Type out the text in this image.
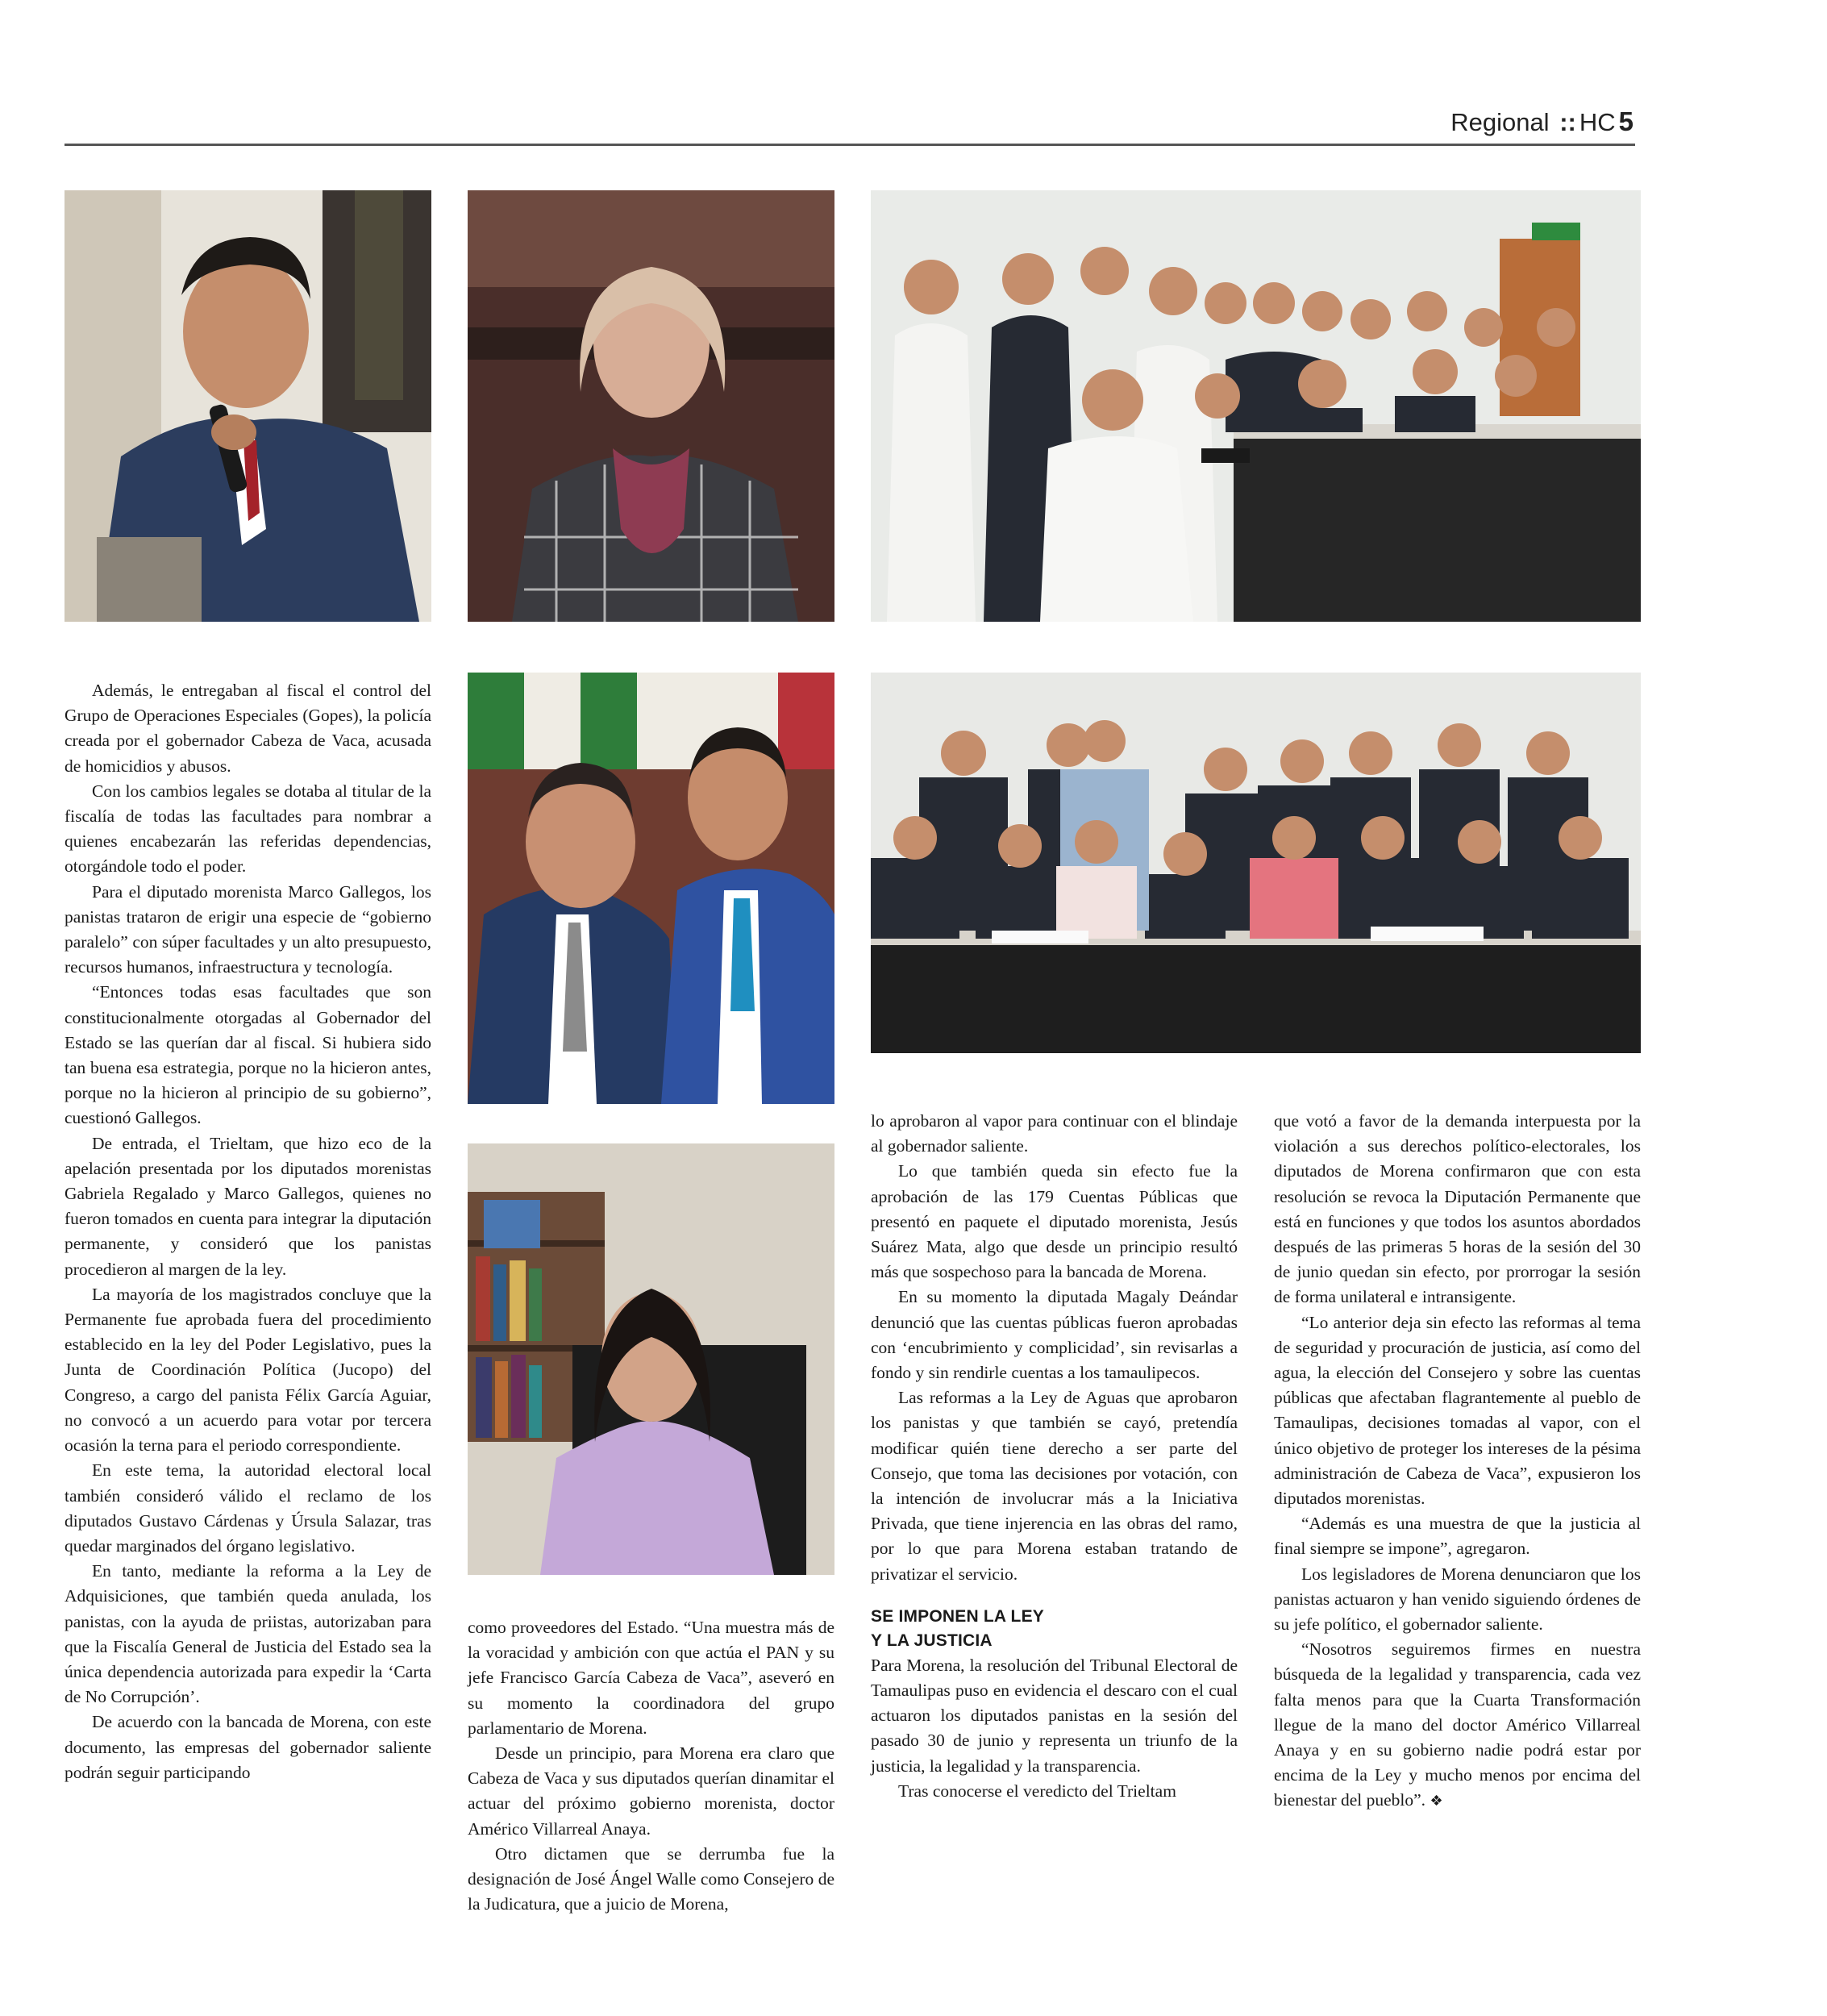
Regional :: HC 5

Además, le entregaban al fiscal el control del Grupo de Operaciones Especiales (Gopes), la policía creada por el gobernador Cabeza de Vaca, acusada de homicidios y abusos.

Con los cambios legales se dotaba al titular de la fiscalía de todas las facultades para nombrar a quienes encabezarán las referidas dependencias, otorgándole todo el poder.

Para el diputado morenista Marco Gallegos, los panistas trataron de erigir una especie de “gobierno paralelo” con súper facultades y un alto presupuesto, recursos humanos, infraestructura y tecnología.

“Entonces todas esas facultades que son constitucionalmente otorgadas al Gobernador del Estado se las querían dar al fiscal. Si hubiera sido tan buena esa estrategia, porque no la hicieron antes, porque no la hicieron al principio de su gobierno”, cuestionó Gallegos.

De entrada, el Trieltam, que hizo eco de la apelación presentada por los diputados morenistas Gabriela Regalado y Marco Gallegos, quienes no fueron tomados en cuenta para integrar la diputación permanente, y consideró que los panistas procedieron al margen de la ley.

La mayoría de los magistrados concluye que la Permanente fue aprobada fuera del procedimiento establecido en la ley del Poder Legislativo, pues la Junta de Coordinación Política (Jucopo) del Congreso, a cargo del panista Félix García Aguiar, no convocó a un acuerdo para votar por tercera ocasión la terna para el periodo correspondiente.

En este tema, la autoridad electoral local también consideró válido el reclamo de los diputados Gustavo Cárdenas y Úrsula Salazar, tras quedar marginados del órgano legislativo.

En tanto, mediante la reforma a la Ley de Adquisiciones, que también queda anulada, los panistas, con la ayuda de priistas, autorizaban para que la Fiscalía General de Justicia del Estado sea la única dependencia autorizada para expedir la ‘Carta de No Corrupción’.

De acuerdo con la bancada de Morena, con este documento, las empresas del gobernador saliente podrán seguir participando

como proveedores del Estado. “Una muestra más de la voracidad y ambición con que actúa el PAN y su jefe Francisco García Cabeza de Vaca”, aseveró en su momento la coordinadora del grupo parlamentario de Morena.

Desde un principio, para Morena era claro que Cabeza de Vaca y sus diputados querían dinamitar el actuar del próximo gobierno morenista, doctor Américo Villarreal Anaya.

Otro dictamen que se derrumba fue la designación de José Ángel Walle como Consejero de la Judicatura, que a juicio de Morena,

lo aprobaron al vapor para continuar con el blindaje al gobernador saliente.

Lo que también queda sin efecto fue la aprobación de las 179 Cuentas Públicas que presentó en paquete el diputado morenista, Jesús Suárez Mata, algo que desde un principio resultó más que sospechoso para la bancada de Morena.

En su momento la diputada Magaly Deándar denunció que las cuentas públicas fueron aprobadas con ‘encubrimiento y complicidad’, sin revisarlas a fondo y sin rendirle cuentas a los tamaulipecos.

Las reformas a la Ley de Aguas que aprobaron los panistas y que también se cayó, pretendía modificar quién tiene derecho a ser parte del Consejo, que toma las decisiones por votación, con la intención de involucrar más a la Iniciativa Privada, que tiene injerencia en las obras del ramo, por lo que para Morena estaban tratando de privatizar el servicio.

SE IMPONEN LA LEY
Y LA JUSTICIA

Para Morena, la resolución del Tribunal Electoral de Tamaulipas puso en evidencia el descaro con el cual actuaron los diputados panistas en la sesión del pasado 30 de junio y representa un triunfo de la justicia, la legalidad y la transparencia.

Tras conocerse el veredicto del Trieltam

que votó a favor de la demanda interpuesta por la violación a sus derechos político-electorales, los diputados de Morena confirmaron que con esta resolución se revoca la Diputación Permanente que está en funciones y que todos los asuntos abordados después de las primeras 5 horas de la sesión del 30 de junio quedan sin efecto, por prorrogar la sesión de forma unilateral e intransigente.

“Lo anterior deja sin efecto las reformas al tema de seguridad y procuración de justicia, así como del agua, la elección del Consejero y sobre las cuentas públicas que afectaban flagrantemente al pueblo de Tamaulipas, decisiones tomadas al vapor, con el único objetivo de proteger los intereses de la pésima administración de Cabeza de Vaca”, expusieron los diputados morenistas.

“Además es una muestra de que la justicia al final siempre se impone”, agregaron.

Los legisladores de Morena denunciaron que los panistas actuaron y han venido siguiendo órdenes de su jefe político, el gobernador saliente.

“Nosotros seguiremos firmes en nuestra búsqueda de la legalidad y transparencia, cada vez falta menos para que la Cuarta Transformación llegue de la mano del doctor Américo Villarreal Anaya y en su gobierno nadie podrá estar por encima de la Ley y mucho menos por encima del bienestar del pueblo”. ❖
